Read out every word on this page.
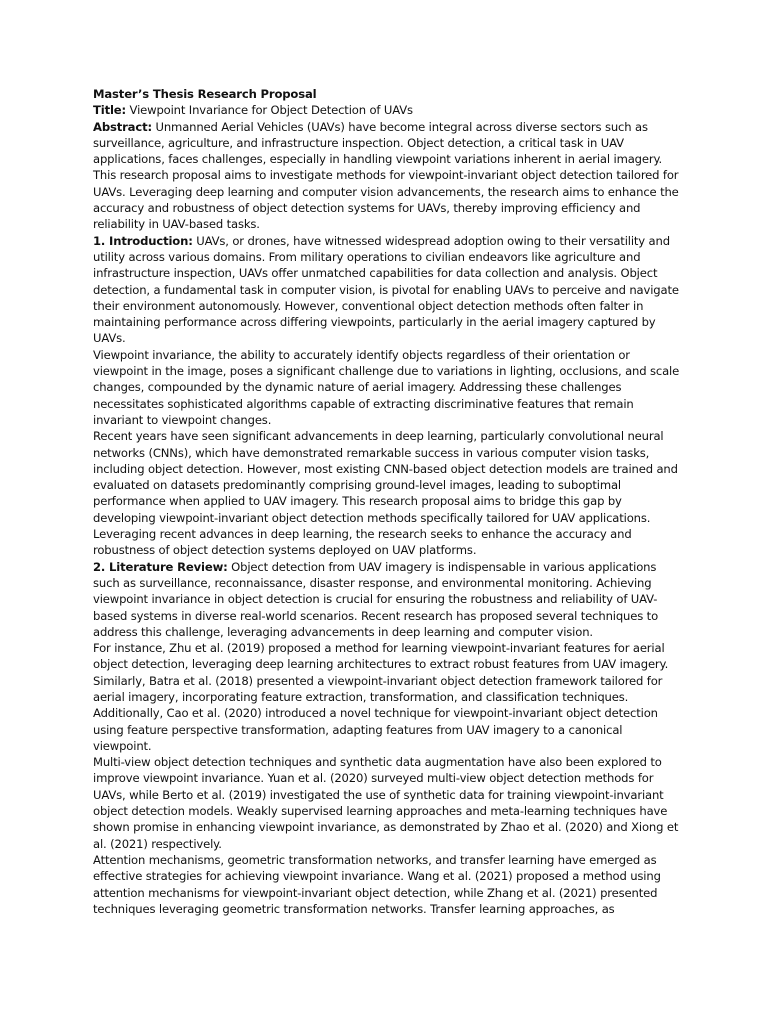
Master’s Thesis Research Proposal

Title: Viewpoint Invariance for Object Detection of UAVs

Abstract: Unmanned Aerial Vehicles (UAVs) have become integral across diverse sectors such as surveillance, agriculture, and infrastructure inspection. Object detection, a critical task in UAV applications, faces challenges, especially in handling viewpoint variations inherent in aerial imagery. This research proposal aims to investigate methods for viewpoint-invariant object detection tailored for UAVs. Leveraging deep learning and computer vision advancements, the research aims to enhance the accuracy and robustness of object detection systems for UAVs, thereby improving efficiency and reliability in UAV-based tasks.

1. Introduction: UAVs, or drones, have witnessed widespread adoption owing to their versatility and utility across various domains. From military operations to civilian endeavors like agriculture and infrastructure inspection, UAVs offer unmatched capabilities for data collection and analysis. Object detection, a fundamental task in computer vision, is pivotal for enabling UAVs to perceive and navigate their environment autonomously. However, conventional object detection methods often falter in maintaining performance across differing viewpoints, particularly in the aerial imagery captured by UAVs.

Viewpoint invariance, the ability to accurately identify objects regardless of their orientation or viewpoint in the image, poses a significant challenge due to variations in lighting, occlusions, and scale changes, compounded by the dynamic nature of aerial imagery. Addressing these challenges necessitates sophisticated algorithms capable of extracting discriminative features that remain invariant to viewpoint changes.

Recent years have seen significant advancements in deep learning, particularly convolutional neural networks (CNNs), which have demonstrated remarkable success in various computer vision tasks, including object detection. However, most existing CNN-based object detection models are trained and evaluated on datasets predominantly comprising ground-level images, leading to suboptimal performance when applied to UAV imagery. This research proposal aims to bridge this gap by developing viewpoint-invariant object detection methods specifically tailored for UAV applications. Leveraging recent advances in deep learning, the research seeks to enhance the accuracy and robustness of object detection systems deployed on UAV platforms.

2. Literature Review: Object detection from UAV imagery is indispensable in various applications such as surveillance, reconnaissance, disaster response, and environmental monitoring. Achieving viewpoint invariance in object detection is crucial for ensuring the robustness and reliability of UAV-based systems in diverse real-world scenarios. Recent research has proposed several techniques to address this challenge, leveraging advancements in deep learning and computer vision.

For instance, Zhu et al. (2019) proposed a method for learning viewpoint-invariant features for aerial object detection, leveraging deep learning architectures to extract robust features from UAV imagery. Similarly, Batra et al. (2018) presented a viewpoint-invariant object detection framework tailored for aerial imagery, incorporating feature extraction, transformation, and classification techniques. Additionally, Cao et al. (2020) introduced a novel technique for viewpoint-invariant object detection using feature perspective transformation, adapting features from UAV imagery to a canonical viewpoint.

Multi-view object detection techniques and synthetic data augmentation have also been explored to improve viewpoint invariance. Yuan et al. (2020) surveyed multi-view object detection methods for UAVs, while Berto et al. (2019) investigated the use of synthetic data for training viewpoint-invariant object detection models. Weakly supervised learning approaches and meta-learning techniques have shown promise in enhancing viewpoint invariance, as demonstrated by Zhao et al. (2020) and Xiong et al. (2021) respectively.

Attention mechanisms, geometric transformation networks, and transfer learning have emerged as effective strategies for achieving viewpoint invariance. Wang et al. (2021) proposed a method using attention mechanisms for viewpoint-invariant object detection, while Zhang et al. (2021) presented techniques leveraging geometric transformation networks. Transfer learning approaches, as
